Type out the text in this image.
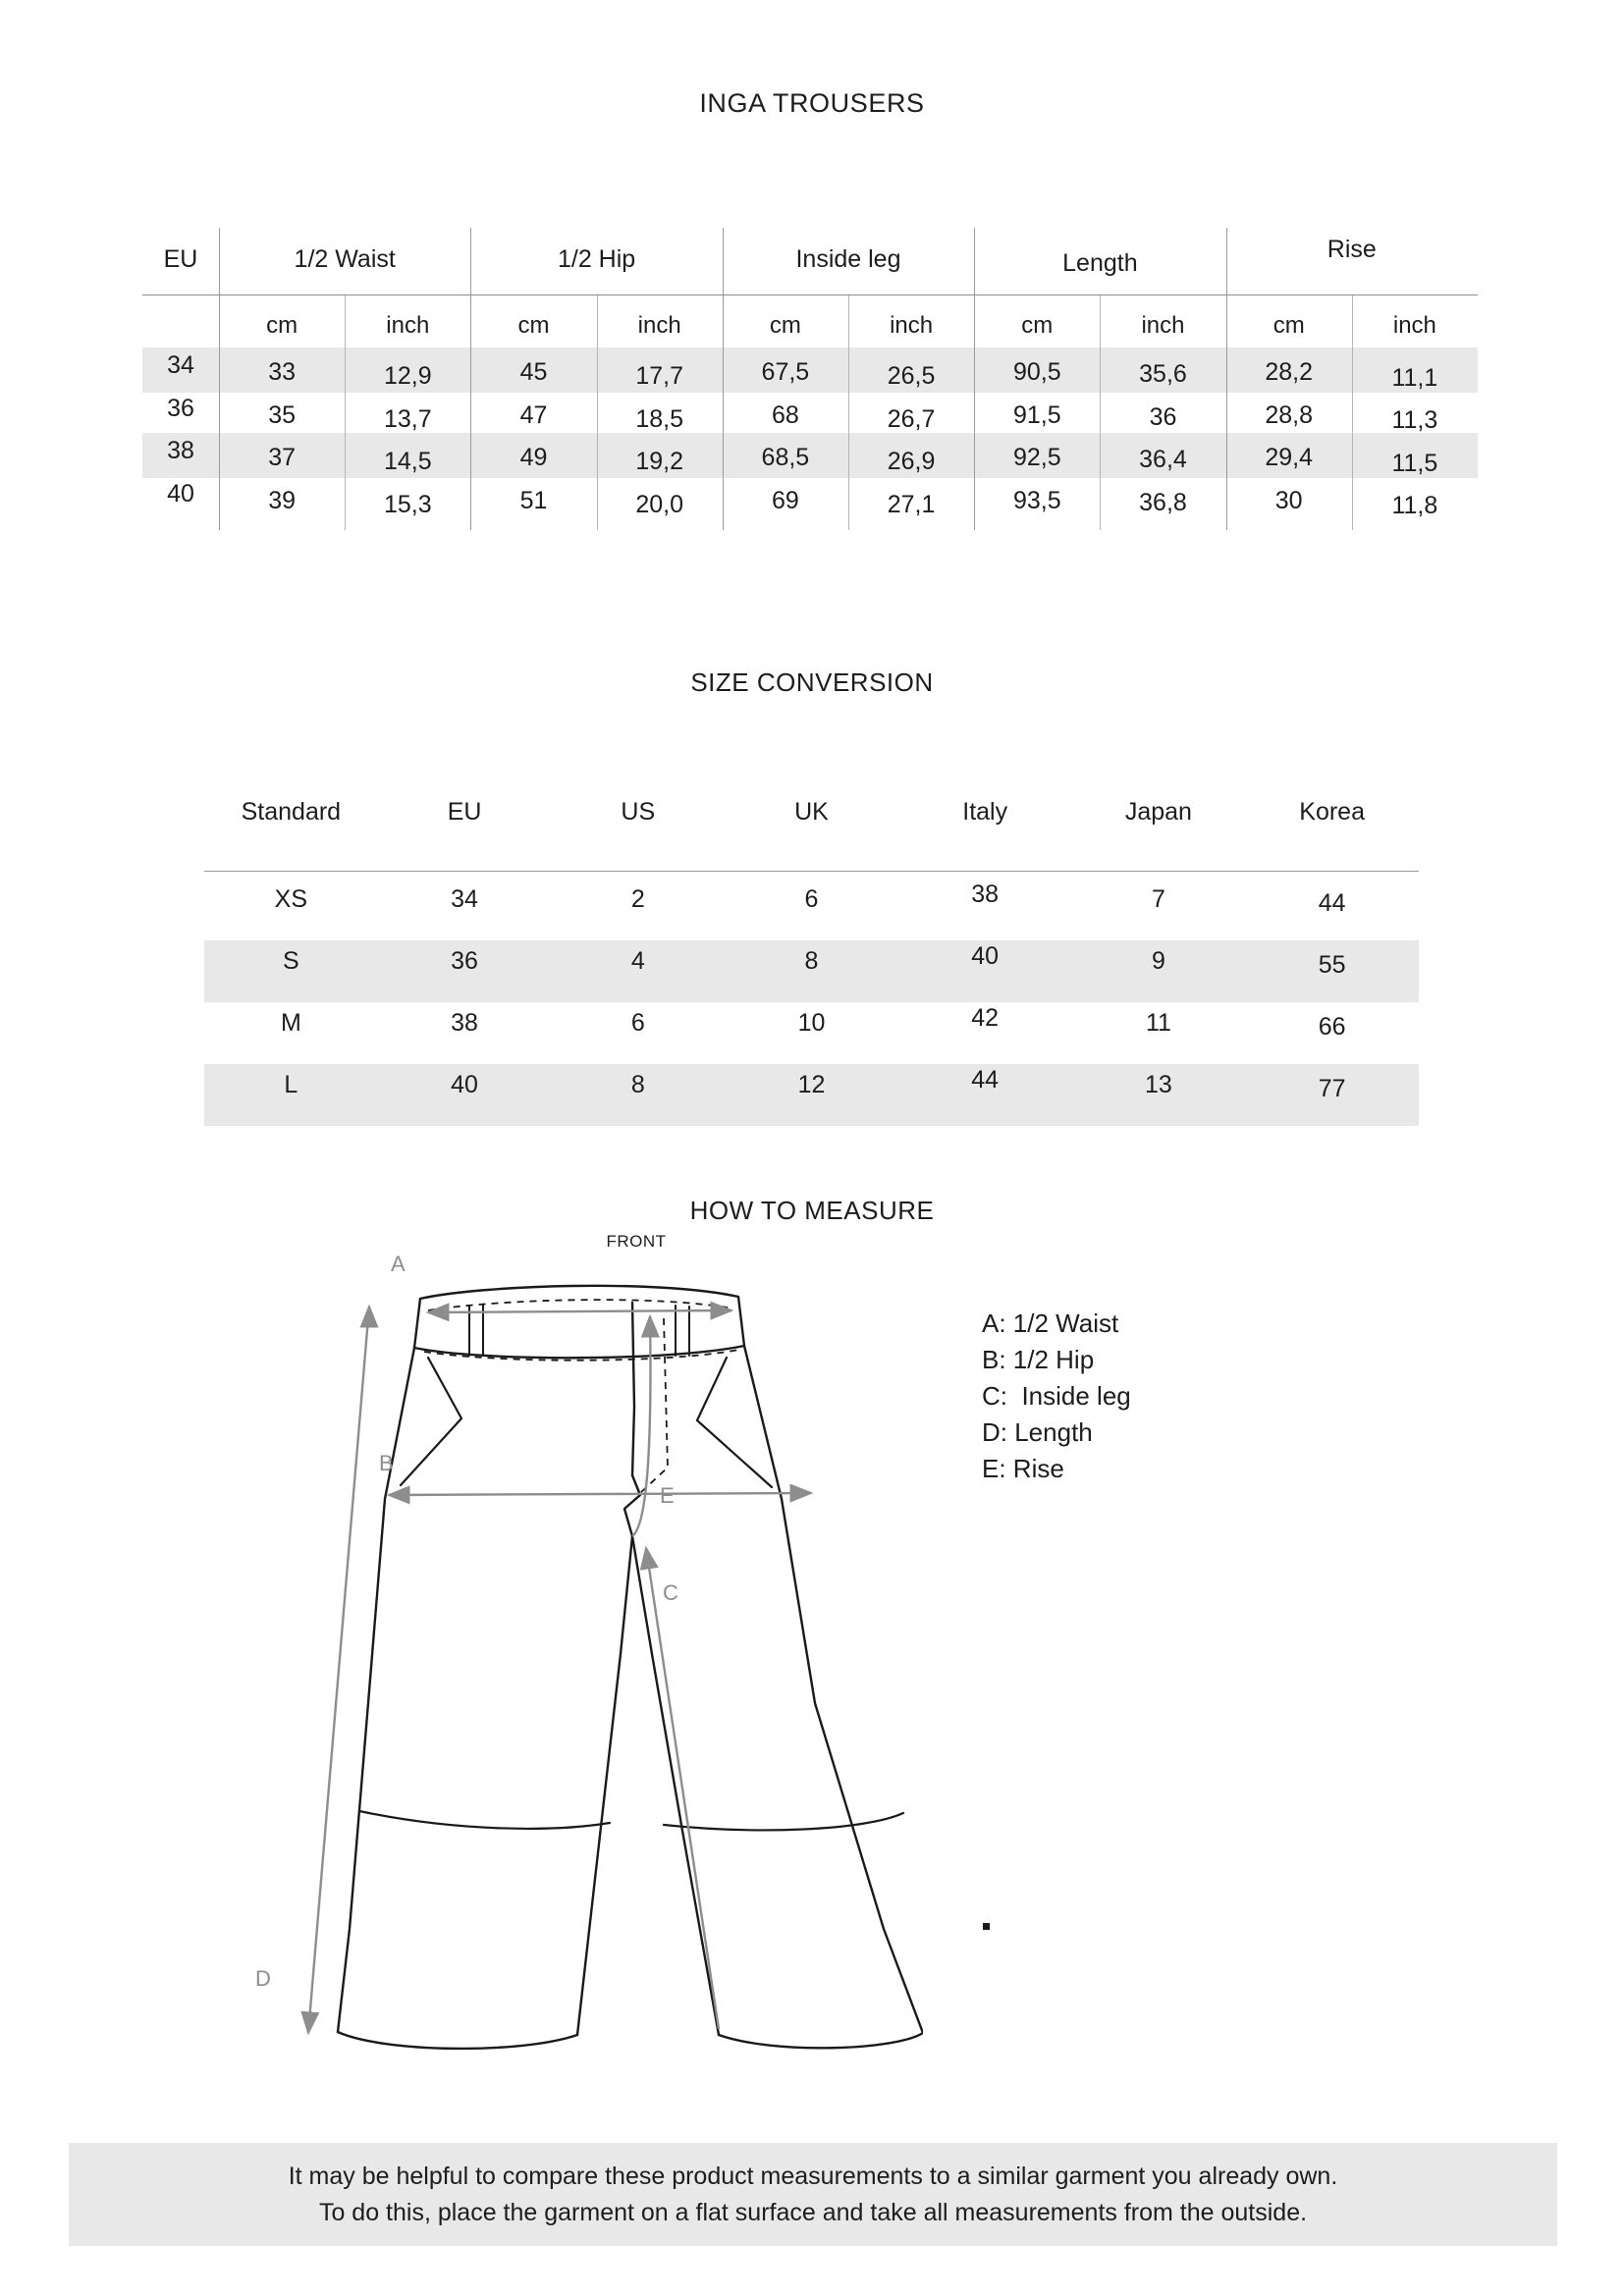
INGA TROUSERS
EU	1/2 Waist	1/2 Hip	Inside leg	Length	Rise
cm	inch	cm	inch	cm	inch	cm	inch	cm	inch
34	33	12,9	45	17,7	67,5	26,5	90,5	35,6	28,2	11,1
36	35	13,7	47	18,5	68	26,7	91,5	36	28,8	11,3
38	37	14,5	49	19,2	68,5	26,9	92,5	36,4	29,4	11,5
40	39	15,3	51	20,0	69	27,1	93,5	36,8	30	11,8
SIZE CONVERSION
Standard	EU	US	UK	Italy	Japan	Korea
XS	34	2	6	38	7	44
S	36	4	8	40	9	55
M	38	6	10	42	11	66
L	40	8	12	44	13	77
HOW TO MEASURE
FRONT
A
B
C
D
E
A: 1/2 Waist
B: 1/2 Hip
C:  Inside leg
D: Length
E: Rise
It may be helpful to compare these product measurements to a similar garment you already own.
To do this, place the garment on a flat surface and take all measurements from the outside.
